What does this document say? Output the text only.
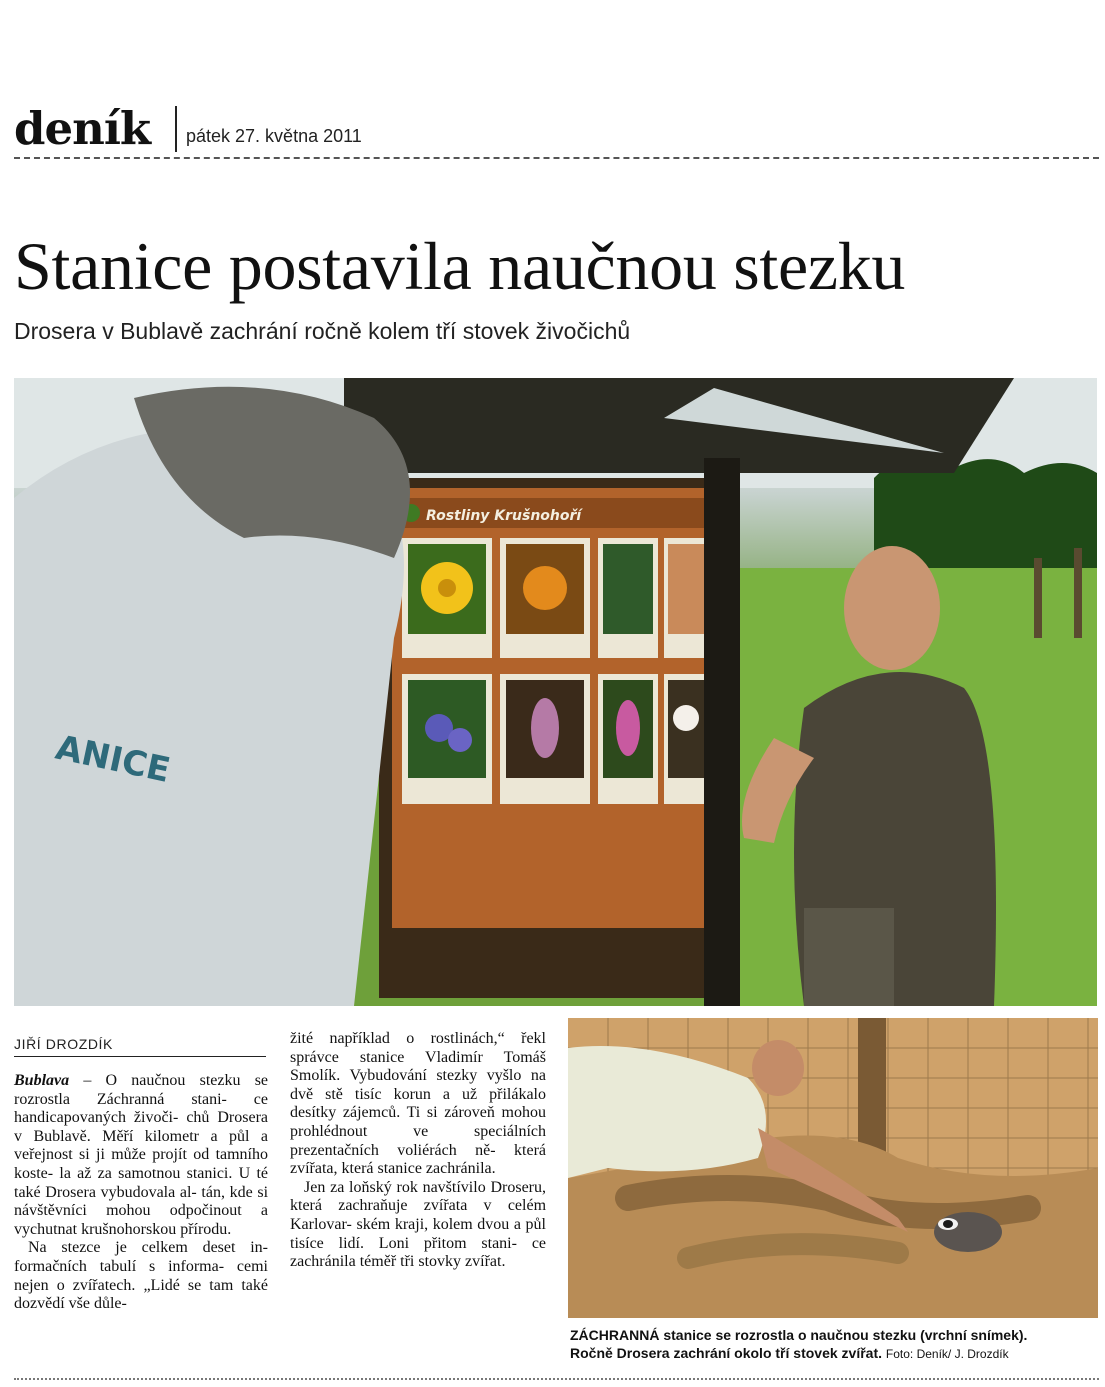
deník pátek 27. května 2011
Stanice postavila naučnou stezku
Drosera v Bublavě zachrání ročně kolem tří stovek živočichů
Rostliny Krušnohoří
ANICE
JIŘÍ DROZDÍK

Bublava – O naučnou stezku se rozrostla Záchranná stani- ce handicapovaných živoči- chů Drosera v Bublavě. Měří kilometr a půl a veřejnost si ji může projít od tamního koste- la až za samotnou stanici. U té také Drosera vybudovala al- tán, kde si návštěvníci mohou odpočinout a vychutnat krušnohorskou přírodu.

Na stezce je celkem deset in- formačních tabulí s informa- cemi nejen o zvířatech. „Lidé se tam také dozvědí vše důle-

žité například o rostlinách,“ řekl správce stanice Vladimír Tomáš Smolík. Vybudování stezky vyšlo na dvě stě tisíc korun a už přilákalo desítky zájemců. Ti si zároveň mohou prohlédnout ve speciálních prezentačních voliérách ně- která zvířata, která stanice zachránila.

Jen za loňský rok navštívilo Droseru, která zachraňuje zvířata v celém Karlovar- ském kraji, kolem dvou a půl tisíce lidí. Loni přitom stani- ce zachránila téměř tři stovky zvířat.

ZÁCHRANNÁ stanice se rozrostla o naučnou stezku (vrchní snímek).
Ročně Drosera zachrání okolo tří stovek zvířat. Foto: Deník/ J. Drozdík
